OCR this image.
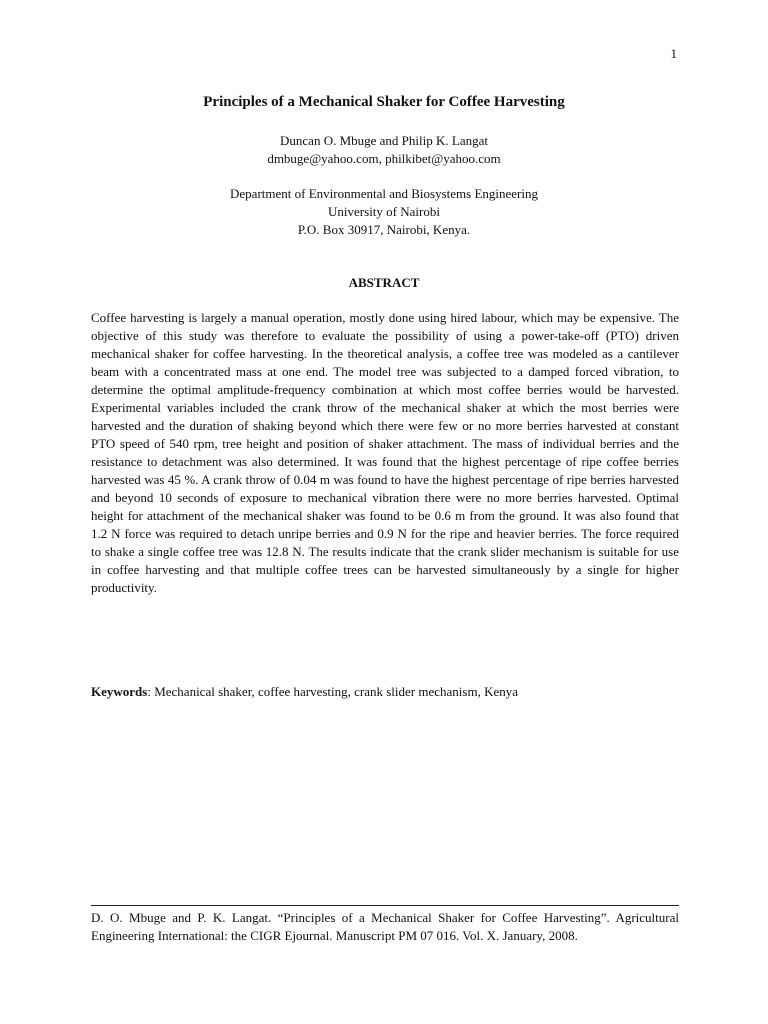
1
Principles of a Mechanical Shaker for Coffee Harvesting
Duncan O. Mbuge and Philip K. Langat
dmbuge@yahoo.com, philkibet@yahoo.com
Department of Environmental and Biosystems Engineering
University of Nairobi
P.O. Box 30917, Nairobi, Kenya.
ABSTRACT
Coffee harvesting is largely a manual operation, mostly done using hired labour, which may be expensive. The objective of this study was therefore to evaluate the possibility of using a power-take-off (PTO) driven mechanical shaker for coffee harvesting. In the theoretical analysis, a coffee tree was modeled as a cantilever beam with a concentrated mass at one end. The model tree was subjected to a damped forced vibration, to determine the optimal amplitude-frequency combination at which most coffee berries would be harvested. Experimental variables included the crank throw of the mechanical shaker at which the most berries were harvested and the duration of shaking beyond which there were few or no more berries harvested at constant PTO speed of 540 rpm, tree height and position of shaker attachment. The mass of individual berries and the resistance to detachment was also determined. It was found that the highest percentage of ripe coffee berries harvested was 45 %. A crank throw of 0.04 m was found to have the highest percentage of ripe berries harvested and beyond 10 seconds of exposure to mechanical vibration there were no more berries harvested. Optimal height for attachment of the mechanical shaker was found to be 0.6 m from the ground. It was also found that 1.2 N force was required to detach unripe berries and 0.9 N for the ripe and heavier berries. The force required to shake a single coffee tree was 12.8 N. The results indicate that the crank slider mechanism is suitable for use in coffee harvesting and that multiple coffee trees can be harvested simultaneously by a single for higher productivity.
Keywords: Mechanical shaker, coffee harvesting, crank slider mechanism, Kenya
D. O. Mbuge and P. K. Langat. “Principles of a Mechanical Shaker for Coffee Harvesting”. Agricultural Engineering International: the CIGR Ejournal. Manuscript PM 07 016. Vol. X. January, 2008.
